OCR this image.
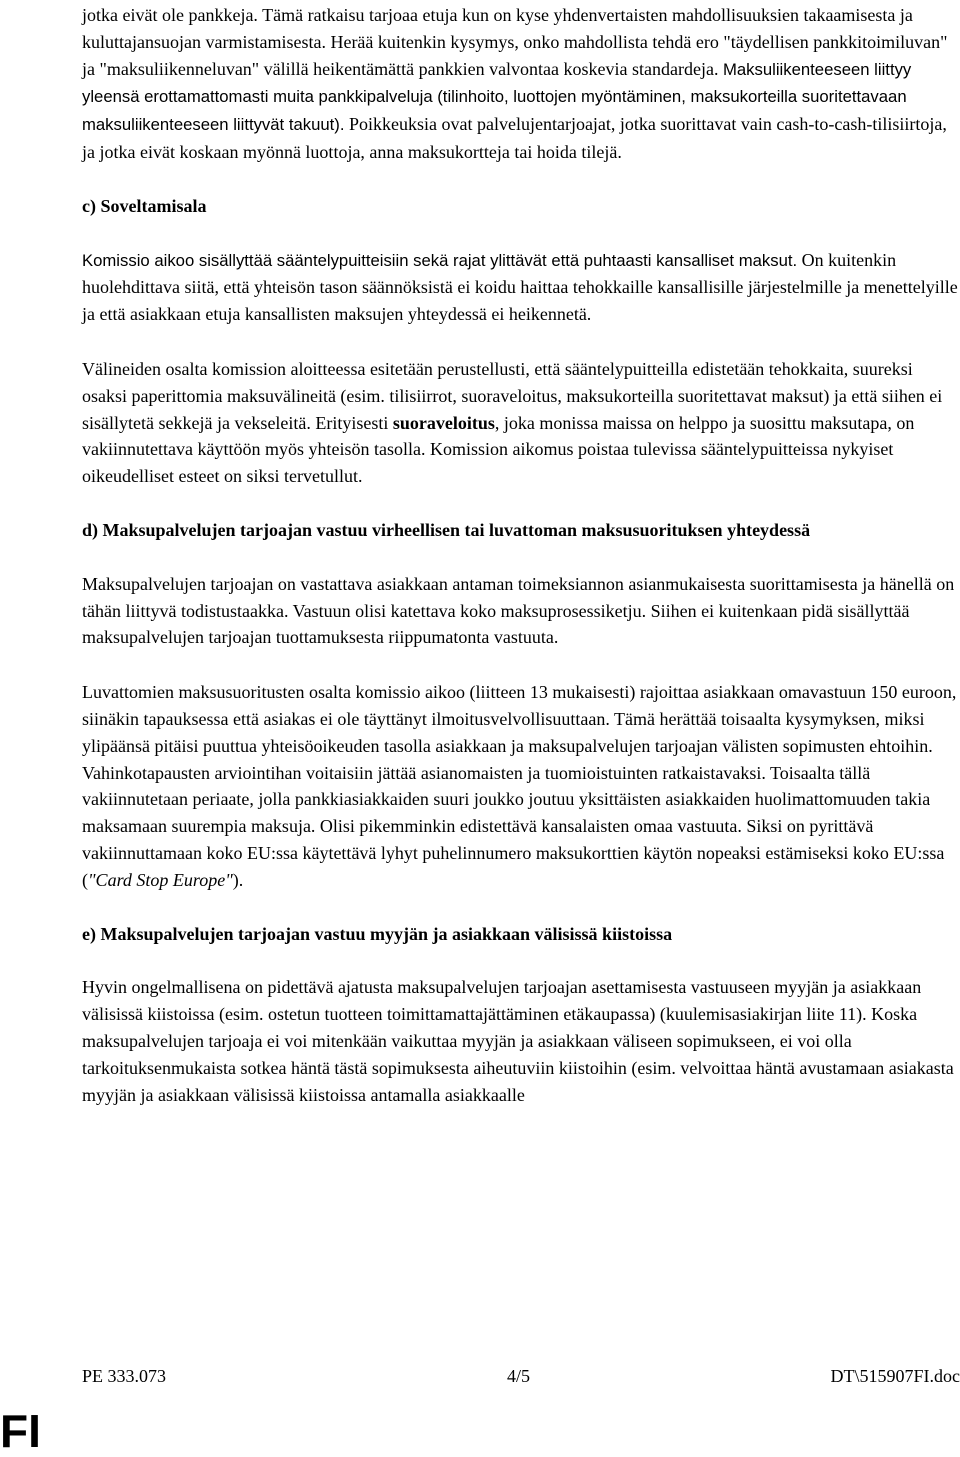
jotka eivät ole pankkeja. Tämä ratkaisu tarjoaa etuja kun on kyse yhdenvertaisten mahdollisuuksien takaamisesta ja kuluttajansuojan varmistamisesta. Herää kuitenkin kysymys, onko mahdollista tehdä ero "täydellisen pankkitoimiluvan" ja "maksuliikenneluvan" välillä heikentämättä pankkien valvontaa koskevia standardeja. Maksuliikenteeseen liittyy yleensä erottamattomasti muita pankkipalveluja (tilinhoito, luottojen myöntäminen, maksukorteilla suoritettavaan maksuliikenteeseen liittyvät takuut). Poikkeuksia ovat palvelujentarjoajat, jotka suorittavat vain cash-to-cash-tilisiirtoja, ja jotka eivät koskaan myönnä luottoja, anna maksukortteja tai hoida tilejä.

c) Soveltamisala

Komissio aikoo sisällyttää sääntelypuitteisiin sekä rajat ylittävät että puhtaasti kansalliset maksut. On kuitenkin huolehdittava siitä, että yhteisön tason säännöksistä ei koidu haittaa tehokkaille kansallisille järjestelmille ja menettelyille ja että asiakkaan etuja kansallisten maksujen yhteydessä ei heikennetä.

Välineiden osalta komission aloitteessa esitetään perustellusti, että sääntelypuitteilla edistetään tehokkaita, suureksi osaksi paperittomia maksuvälineitä (esim. tilisiirrot, suoraveloitus, maksukorteilla suoritettavat maksut) ja että siihen ei sisällytetä sekkejä ja vekseleitä. Erityisesti suoraveloitus, joka monissa maissa on helppo ja suosittu maksutapa, on vakiinnutettava käyttöön myös yhteisön tasolla. Komission aikomus poistaa tulevissa sääntelypuitteissa nykyiset oikeudelliset esteet on siksi tervetullut.

d) Maksupalvelujen tarjoajan vastuu virheellisen tai luvattoman maksusuorituksen yhteydessä

Maksupalvelujen tarjoajan on vastattava asiakkaan antaman toimeksiannon asianmukaisesta suorittamisesta ja hänellä on tähän liittyvä todistustaakka. Vastuun olisi katettava koko maksuprosessiketju. Siihen ei kuitenkaan pidä sisällyttää maksupalvelujen tarjoajan tuottamuksesta riippumatonta vastuuta.

Luvattomien maksusuoritusten osalta komissio aikoo (liitteen 13 mukaisesti) rajoittaa asiakkaan omavastuun 150 euroon, siinäkin tapauksessa että asiakas ei ole täyttänyt ilmoitusvelvollisuuttaan. Tämä herättää toisaalta kysymyksen, miksi ylipäänsä pitäisi puuttua yhteisöoikeuden tasolla asiakkaan ja maksupalvelujen tarjoajan välisten sopimusten ehtoihin. Vahinkotapausten arviointihan voitaisiin jättää asianomaisten ja tuomioistuinten ratkaistavaksi. Toisaalta tällä vakiinnutetaan periaate, jolla pankkiasiakkaiden suuri joukko joutuu yksittäisten asiakkaiden huolimattomuuden takia maksamaan suurempia maksuja. Olisi pikemminkin edistettävä kansalaisten omaa vastuuta. Siksi on pyrittävä vakiinnuttamaan koko EU:ssa käytettävä lyhyt puhelinnumero maksukorttien käytön nopeaksi estämiseksi koko EU:ssa ("Card Stop Europe").

e) Maksupalvelujen tarjoajan vastuu myyjän ja asiakkaan välisissä kiistoissa

Hyvin ongelmallisena on pidettävä ajatusta maksupalvelujen tarjoajan asettamisesta vastuuseen myyjän ja asiakkaan välisissä kiistoissa (esim. ostetun tuotteen toimittamattajättäminen etäkaupassa) (kuulemisasiakirjan liite 11). Koska maksupalvelujen tarjoaja ei voi mitenkään vaikuttaa myyjän ja asiakkaan väliseen sopimukseen, ei voi olla tarkoituksenmukaista sotkea häntä tästä sopimuksesta aiheutuviin kiistoihin (esim. velvoittaa häntä avustamaan asiakasta myyjän ja asiakkaan välisissä kiistoissa antamalla asiakkaalle

PE 333.073	4/5	DT\515907FI.doc
FI
